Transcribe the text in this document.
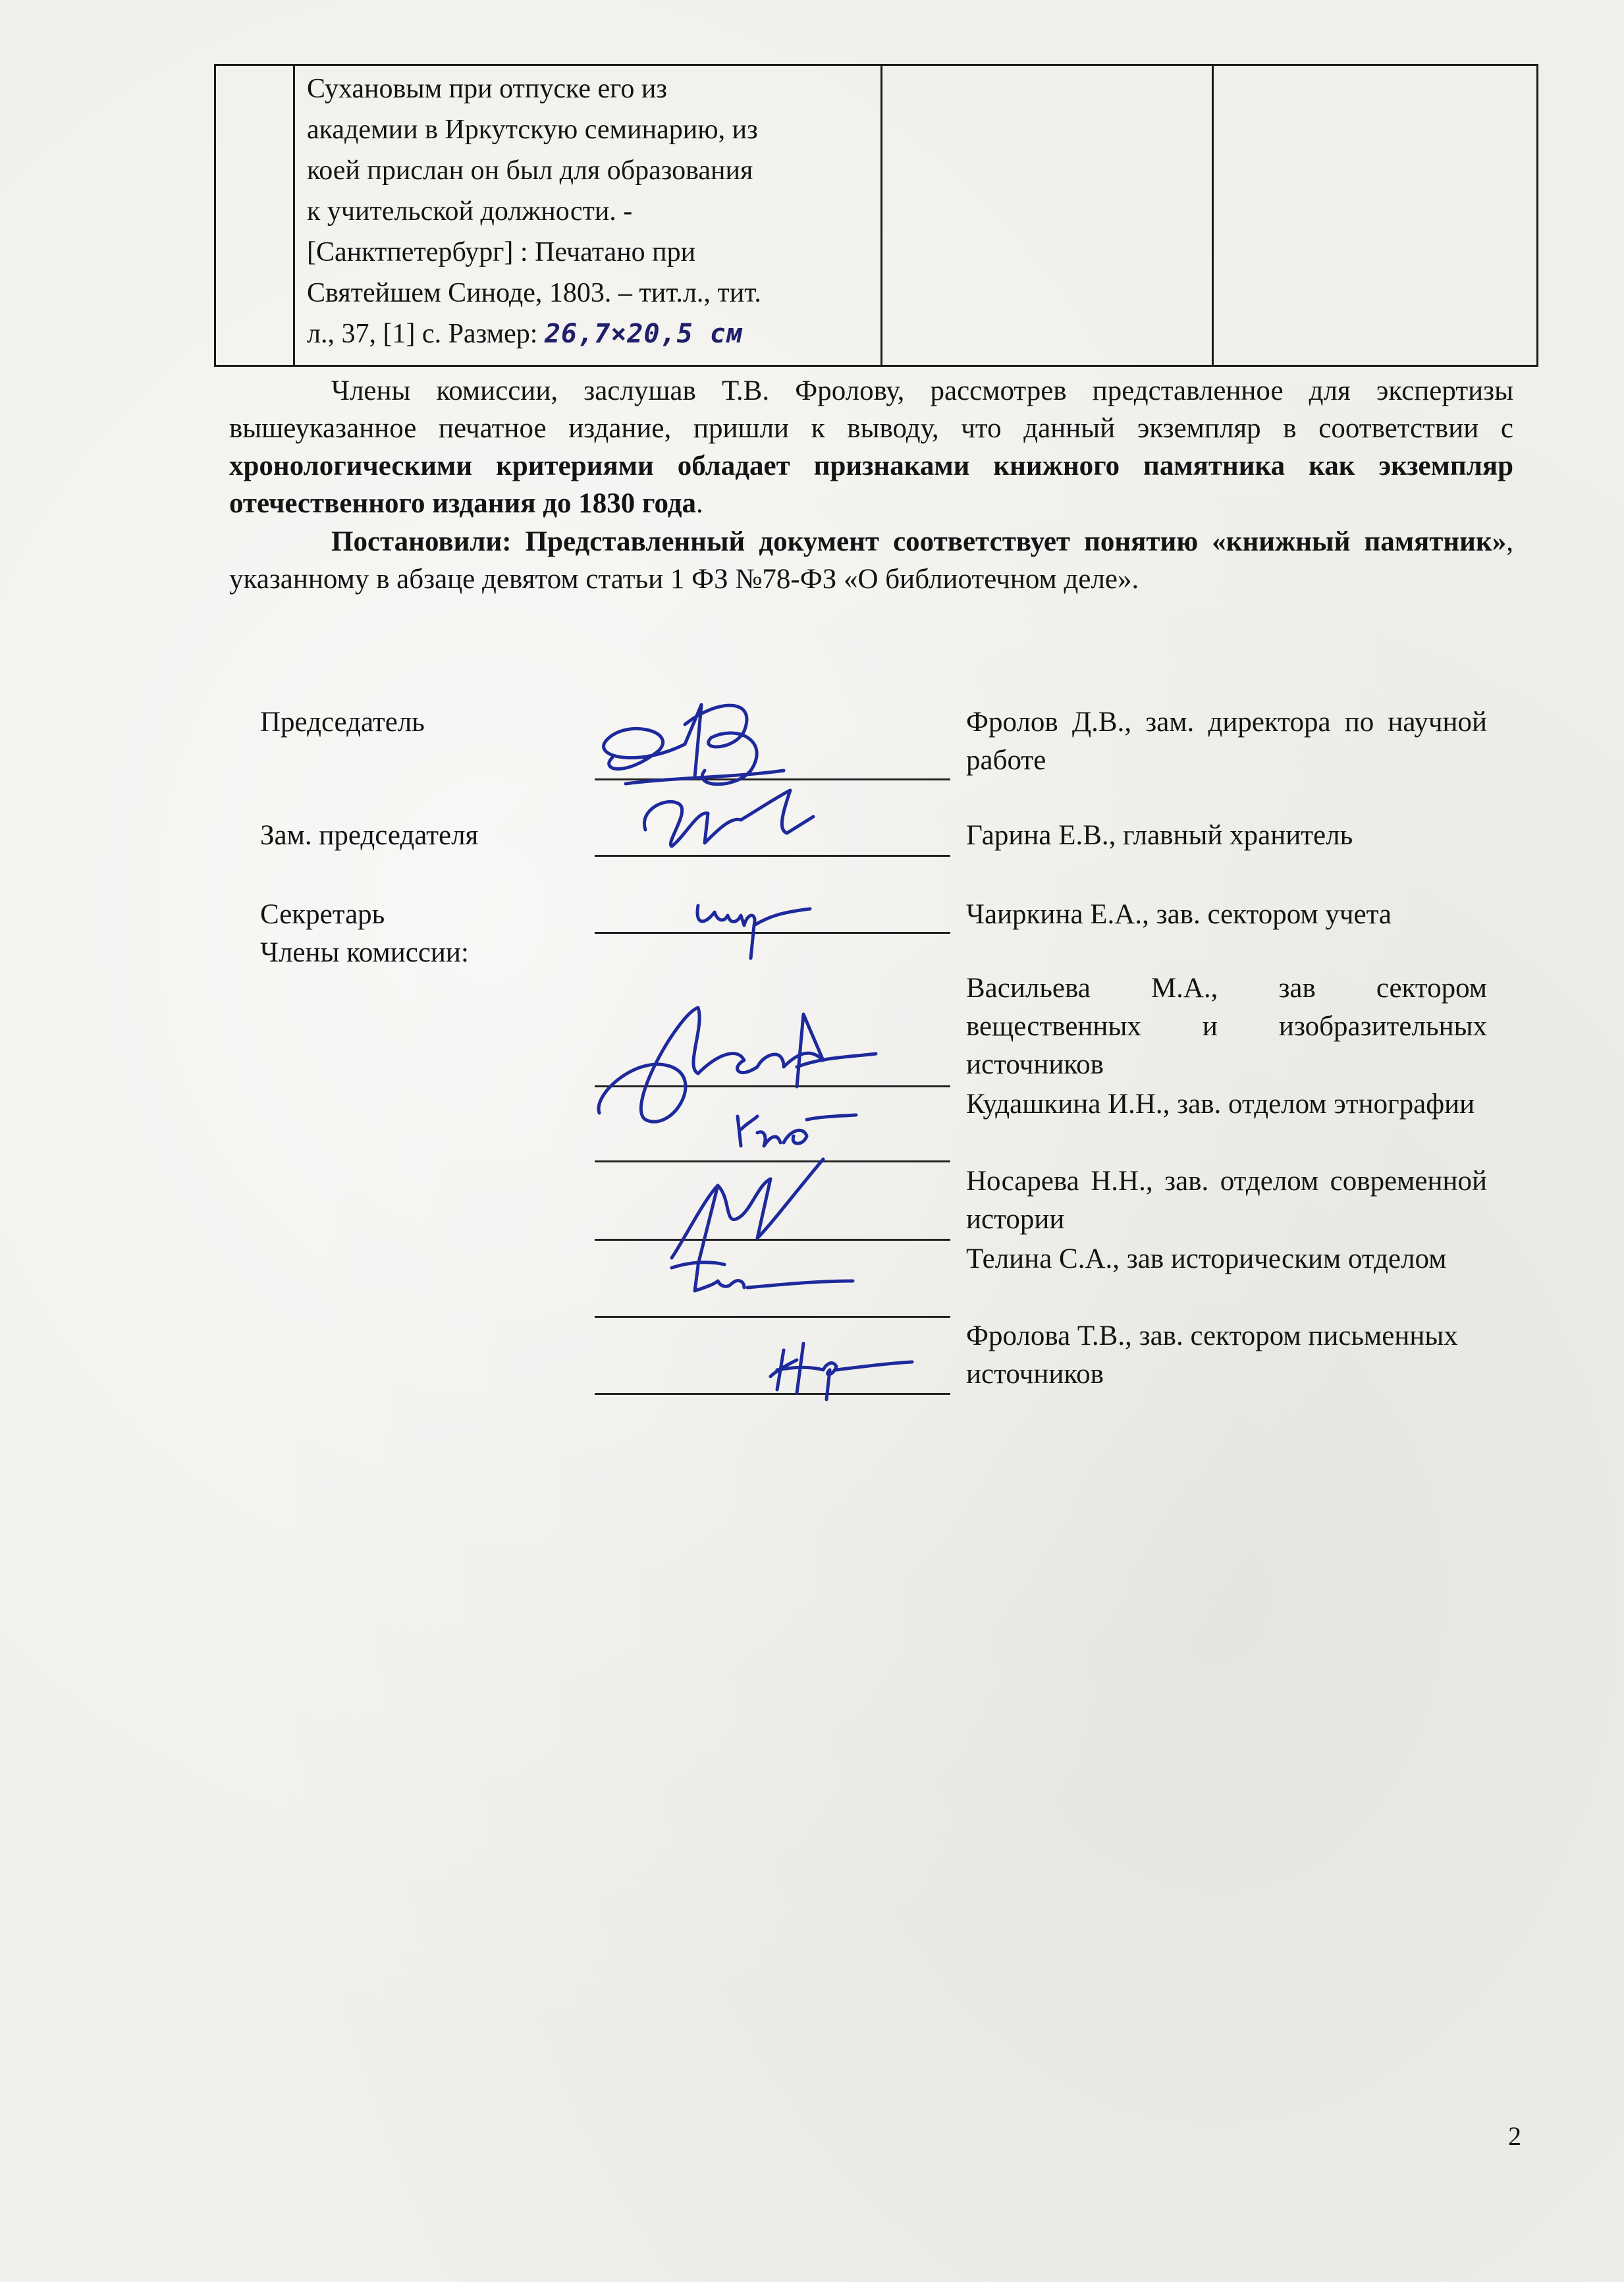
Сухановым при отпуске его из
академии в Иркутскую семинарию, из
коей прислан он был для образования
к учительской должности. -
[Санктпетербург] : Печатано при
Святейшем Синоде, 1803. – тит.л., тит.
л., 37, [1] с. Размер: 26,7×20,5 см

Члены комиссии, заслушав Т.В. Фролову, рассмотрев представленное для экспертизы вышеуказанное печатное издание, пришли к выводу, что данный экземпляр в соответствии с хронологическими критериями обладает признаками книжного памятника как экземпляр отечественного издания до 1830 года.
Постановили: Представленный документ соответствует понятию «книжный памятник», указанному в абзаце девятом статьи 1 ФЗ №78-ФЗ «О библиотечном деле».
Председатель	Фролов Д.В., зам. директора по научной работе
Зам. председателя	Гарина Е.В., главный хранитель
Секретарь	Чаиркина Е.А., зав. сектором учета
Члены комиссии:
Васильева М.А., зав сектором вещественных и изобразительных источников
Кудашкина И.Н., зав. отделом этнографии
Носарева Н.Н., зав. отделом современной истории
Телина С.А., зав историческим отделом
Фролова Т.В., зав. сектором письменных источников
2
